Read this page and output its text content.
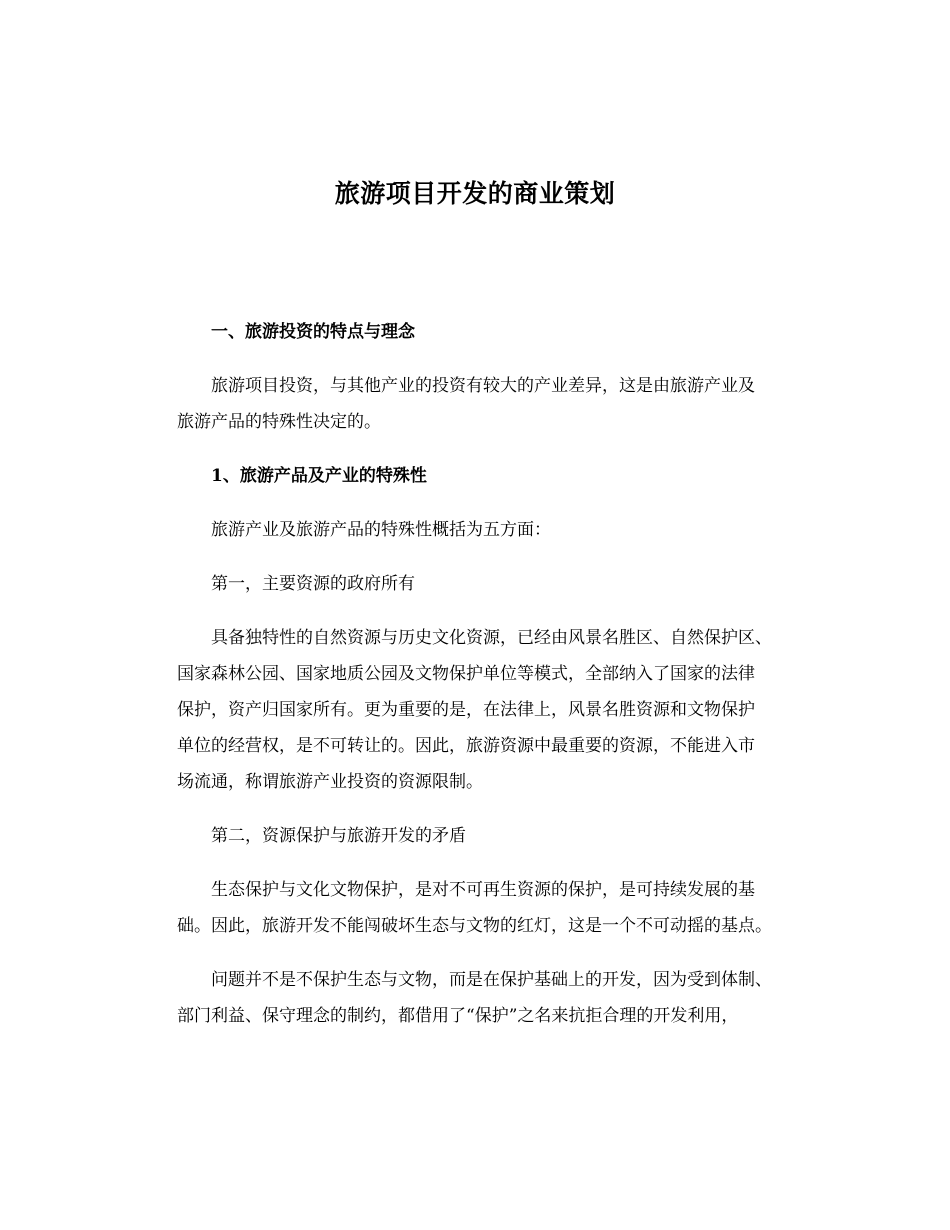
旅游项目开发的商业策划
一、旅游投资的特点与理念
旅游项目投资，与其他产业的投资有较大的产业差异，这是由旅游产业及
旅游产品的特殊性决定的。
1、旅游产品及产业的特殊性
旅游产业及旅游产品的特殊性概括为五方面：
第一，主要资源的政府所有
具备独特性的自然资源与历史文化资源，已经由风景名胜区、自然保护区、
国家森林公园、国家地质公园及文物保护单位等模式，全部纳入了国家的法律
保护，资产归国家所有。更为重要的是，在法律上，风景名胜资源和文物保护
单位的经营权，是不可转让的。因此，旅游资源中最重要的资源，不能进入市
场流通，称谓旅游产业投资的资源限制。
第二，资源保护与旅游开发的矛盾
生态保护与文化文物保护，是对不可再生资源的保护，是可持续发展的基
础。因此，旅游开发不能闯破坏生态与文物的红灯，这是一个不可动摇的基点。
问题并不是不保护生态与文物，而是在保护基础上的开发，因为受到体制、
部门利益、保守理念的制约，都借用了“保护”之名来抗拒合理的开发利用，
